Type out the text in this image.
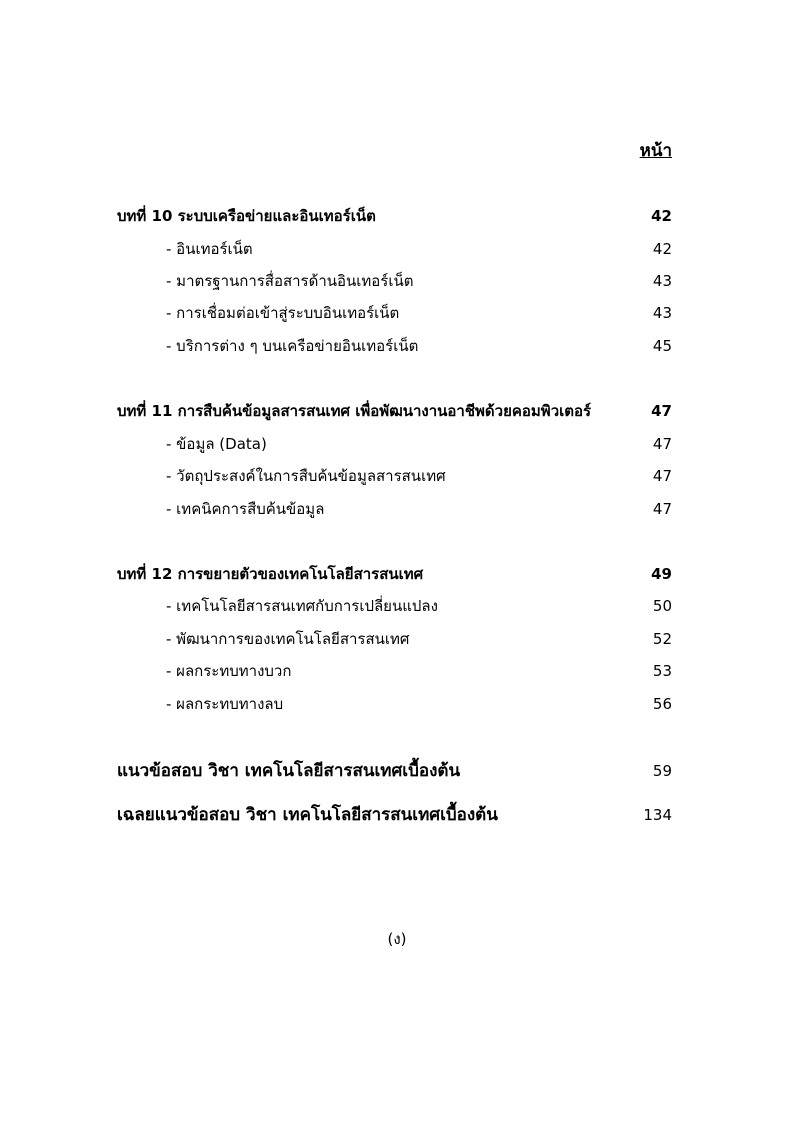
หน้า
บทที่ 10 ระบบเครือข่ายและอินเทอร์เน็ต	42
- อินเทอร์เน็ต	42
- มาตรฐานการสื่อสารด้านอินเทอร์เน็ต	43
- การเชื่อมต่อเข้าสู่ระบบอินเทอร์เน็ต	43
- บริการต่าง ๆ บนเครือข่ายอินเทอร์เน็ต	45
บทที่ 11 การสืบค้นข้อมูลสารสนเทศ เพื่อพัฒนางานอาชีพด้วยคอมพิวเตอร์	47
- ข้อมูล (Data)	47
- วัตถุประสงค์ในการสืบค้นข้อมูลสารสนเทศ	47
- เทคนิคการสืบค้นข้อมูล	47
บทที่ 12 การขยายตัวของเทคโนโลยีสารสนเทศ	49
- เทคโนโลยีสารสนเทศกับการเปลี่ยนแปลง	50
- พัฒนาการของเทคโนโลยีสารสนเทศ	52
- ผลกระทบทางบวก	53
- ผลกระทบทางลบ	56
แนวข้อสอบ วิชา เทคโนโลยีสารสนเทศเบื้องต้น	59
เฉลยแนวข้อสอบ วิชา เทคโนโลยีสารสนเทศเบื้องต้น	134
(ง)
